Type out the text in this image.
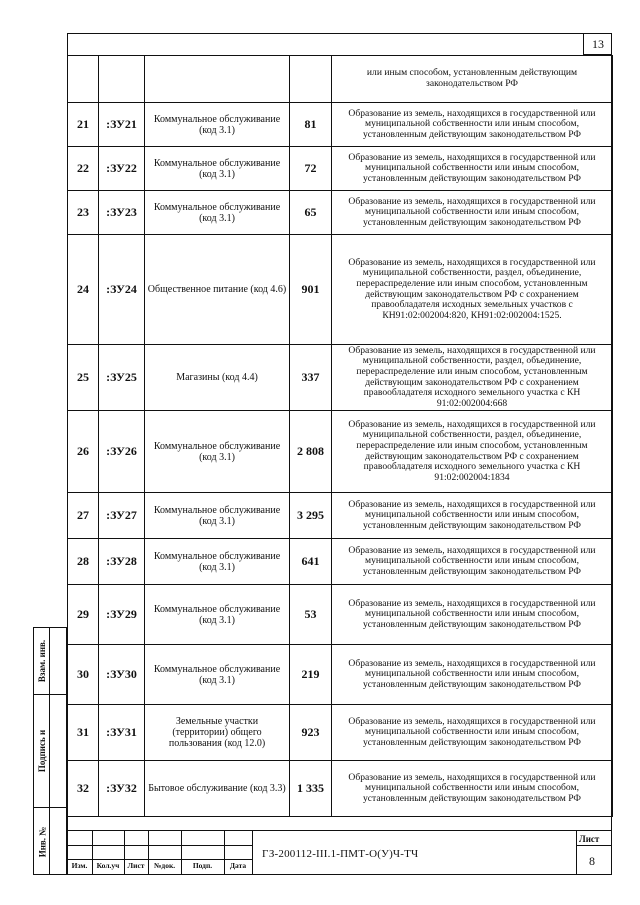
13
				или иным способом, установленным действующим законодательством РФ
21	:ЗУ21	Коммунальное обслуживание (код 3.1)	81	Образование из земель, находящихся в государственной или муниципальной собственности или иным способом, установленным действующим законодательством РФ
22	:ЗУ22	Коммунальное обслуживание (код 3.1)	72	Образование из земель, находящихся в государственной или муниципальной собственности или иным способом, установленным действующим законодательством РФ
23	:ЗУ23	Коммунальное обслуживание (код 3.1)	65	Образование из земель, находящихся в государственной или муниципальной собственности или иным способом, установленным действующим законодательством РФ
24	:ЗУ24	Общественное питание (код 4.6)	901	Образование из земель, находящихся в государственной или муниципальной собственности, раздел, объединение, перераспределение или иным способом, установленным действующим законодательством РФ с сохранением правообладателя исходных земельных участков с КН91:02:002004:820, КН91:02:002004:1525.
25	:ЗУ25	Магазины (код 4.4)	337	Образование из земель, находящихся в государственной или муниципальной собственности, раздел, объединение, перераспределение или иным способом, установленным действующим законодательством РФ с сохранением правообладателя исходного земельного участка с КН 91:02:002004:668
26	:ЗУ26	Коммунальное обслуживание (код 3.1)	2 808	Образование из земель, находящихся в государственной или муниципальной собственности, раздел, объединение, перераспределение или иным способом, установленным действующим законодательством РФ с сохранением правообладателя исходного земельного участка с КН 91:02:002004:1834
27	:ЗУ27	Коммунальное обслуживание (код 3.1)	3 295	Образование из земель, находящихся в государственной или муниципальной собственности или иным способом, установленным действующим законодательством РФ
28	:ЗУ28	Коммунальное обслуживание (код 3.1)	641	Образование из земель, находящихся в государственной или муниципальной собственности или иным способом, установленным действующим законодательством РФ
29	:ЗУ29	Коммунальное обслуживание (код 3.1)	53	Образование из земель, находящихся в государственной или муниципальной собственности или иным способом, установленным действующим законодательством РФ
30	:ЗУ30	Коммунальное обслуживание (код 3.1)	219	Образование из земель, находящихся в государственной или муниципальной собственности или иным способом, установленным действующим законодательством РФ
31	:ЗУ31	Земельные участки (территории) общего пользования (код 12.0)	923	Образование из земель, находящихся в государственной или муниципальной собственности или иным способом, установленным действующим законодательством РФ
32	:ЗУ32	Бытовое обслуживание (код 3.3)	1 335	Образование из земель, находящихся в государственной или муниципальной собственности или иным способом, установленным действующим законодательством РФ
Взам. инв.
Подпись и
Инв. №
Изм.	Кол.уч	Лист	№док.	Подп.	Дата
ГЗ-200112-III.1-ПМТ-О(У)Ч-ТЧ
Лист
8
